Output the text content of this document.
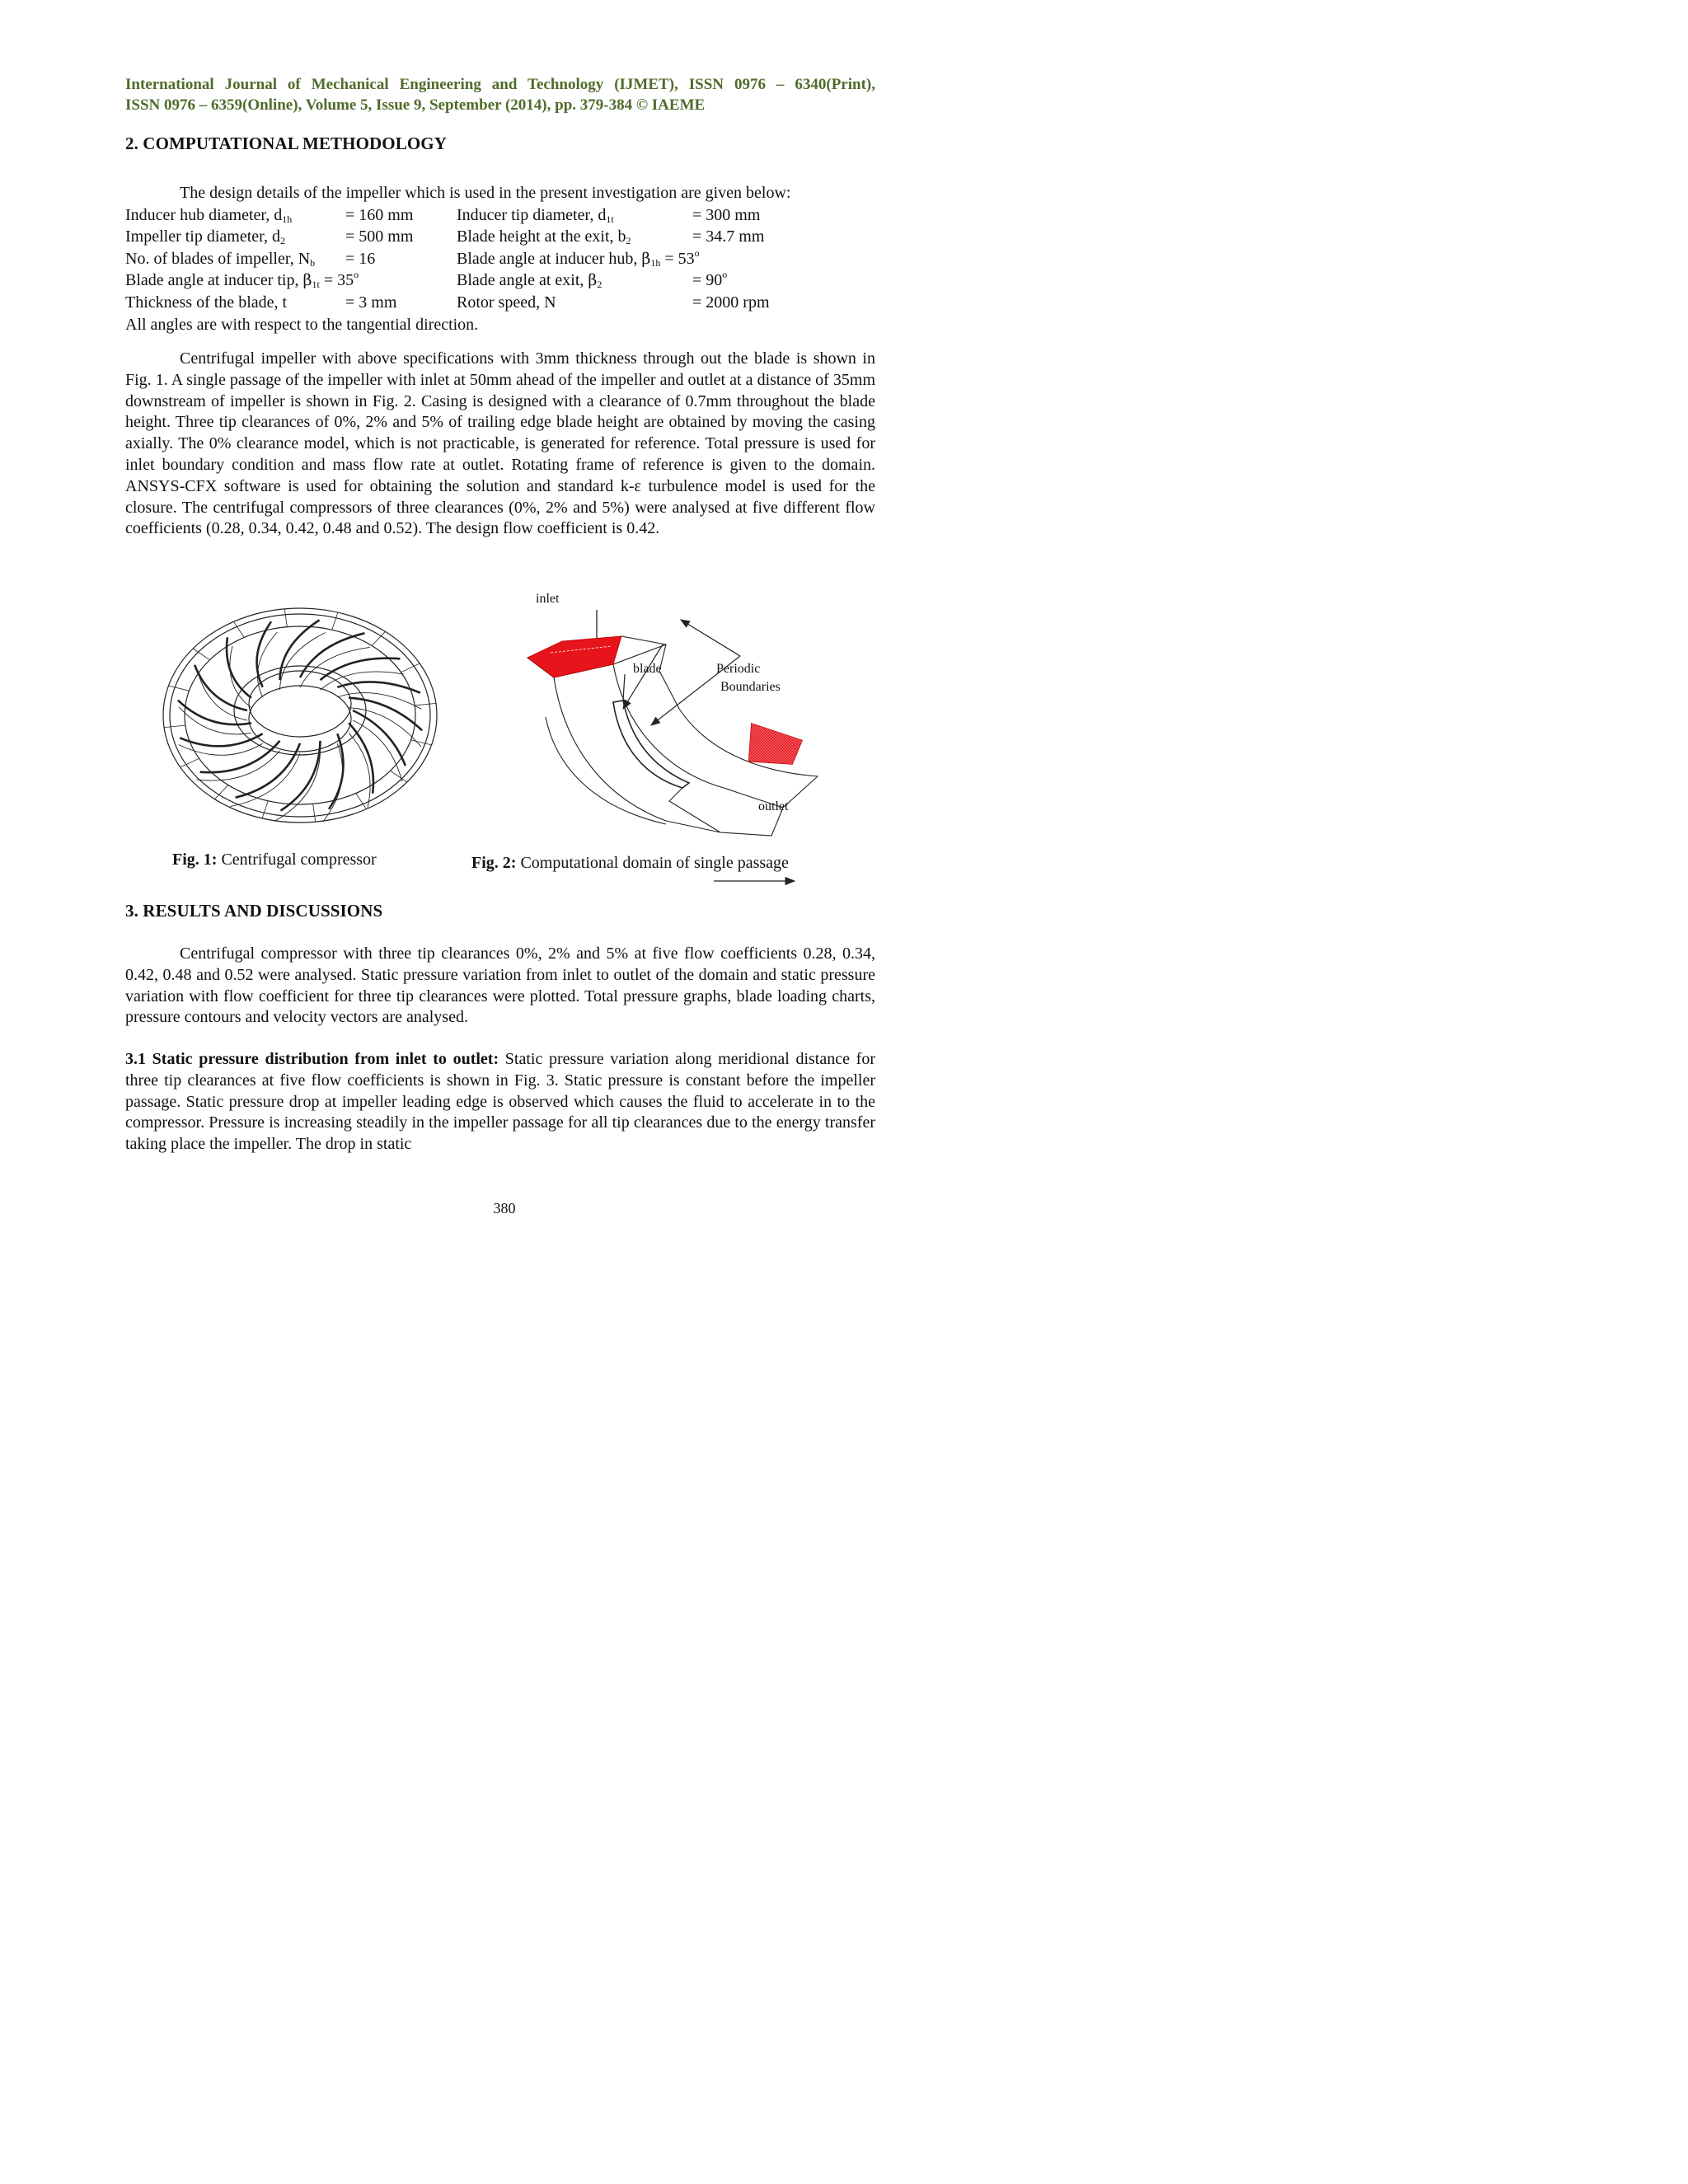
International Journal of Mechanical Engineering and Technology (IJMET), ISSN 0976 – 6340(Print),
ISSN 0976 – 6359(Online), Volume 5, Issue 9, September (2014), pp. 379-384 © IAEME
2. COMPUTATIONAL METHODOLOGY
The design details of the impeller which is used in the present investigation are given below:
Inducer hub diameter, $d_{1h}$	= 160 mm	Inducer tip diameter, $d_{1t}$	= 300 mm
Impeller tip diameter, $d_2$	= 500 mm	Blade height at the exit, $b_2$	= 34.7 mm
No. of blades of impeller, $N_b = 16$	Blade angle at inducer hub, $\beta_{1h} = 53^o$
Blade angle at inducer tip, $\beta_{1t} = 35^o$	Blade angle at exit, $\beta_2$	= $90^o$
Thickness of the blade, t	= 3 mm	Rotor speed, N	= 2000 rpm
All angles are with respect to the tangential direction.

Centrifugal impeller with above specifications with 3mm thickness through out the blade is shown in Fig. 1. A single passage of the impeller with inlet at 50mm ahead of the impeller and outlet at a distance of 35mm downstream of impeller is shown in Fig. 2. Casing is designed with a clearance of 0.7mm throughout the blade height. Three tip clearances of 0%, 2% and 5% of trailing edge blade height are obtained by moving the casing axially. The 0% clearance model, which is not practicable, is generated for reference. Total pressure is used for inlet boundary condition and mass flow rate at outlet. Rotating frame of reference is given to the domain. ANSYS-CFX software is used for obtaining the solution and standard k-ε turbulence model is used for the closure. The centrifugal compressors of three clearances (0%, 2% and 5%) were analysed at five different flow coefficients (0.28, 0.34, 0.42, 0.48 and 0.52). The design flow coefficient is 0.42.

inlet
blade	Periodic
Boundaries
outlet
Fig. 1: Centrifugal compressor	Fig. 2: Computational domain of single passage
3. RESULTS AND DISCUSSIONS

Centrifugal compressor with three tip clearances 0%, 2% and 5% at five flow coefficients 0.28, 0.34, 0.42, 0.48 and 0.52 were analysed. Static pressure variation from inlet to outlet of the domain and static pressure variation with flow coefficient for three tip clearances were plotted. Total pressure graphs, blade loading charts, pressure contours and velocity vectors are analysed.

3.1 Static pressure distribution from inlet to outlet: Static pressure variation along meridional distance for three tip clearances at five flow coefficients is shown in Fig. 3. Static pressure is constant before the impeller passage. Static pressure drop at impeller leading edge is observed which causes the fluid to accelerate in to the compressor. Pressure is increasing steadily in the impeller passage for all tip clearances due to the energy transfer taking place the impeller. The drop in static

380
